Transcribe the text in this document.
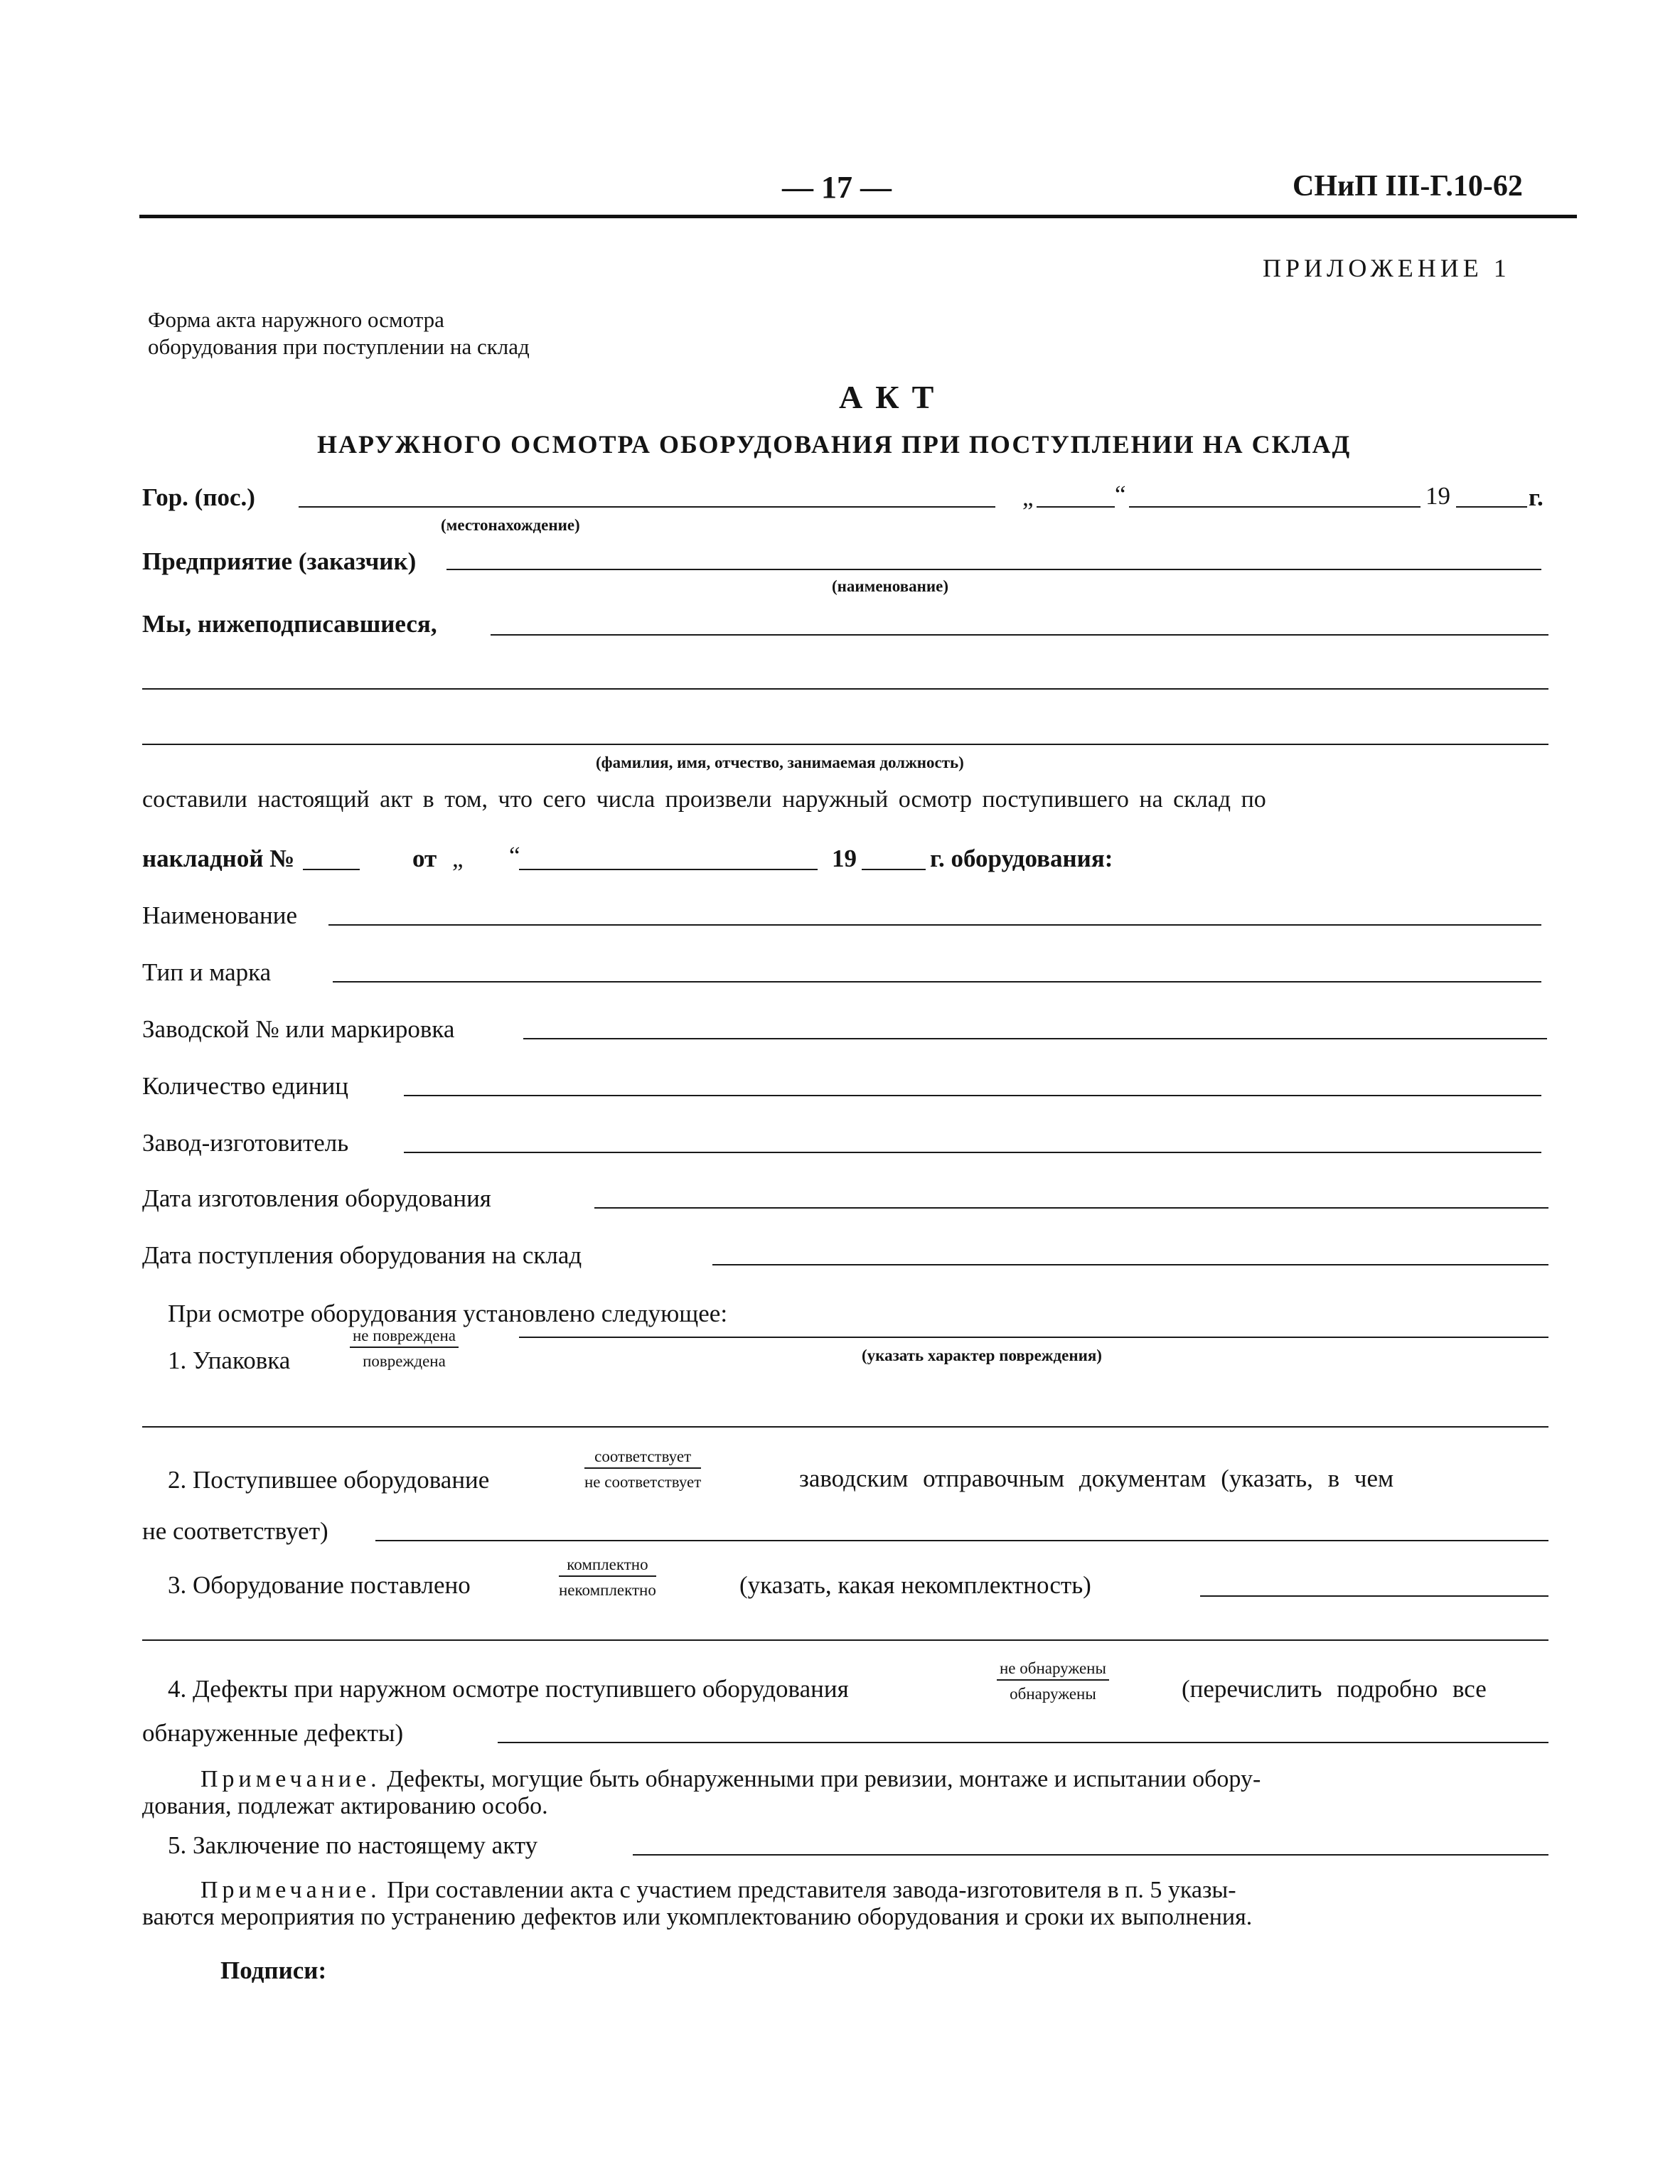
— 17 —	СНиП III-Г.10-62
ПРИЛОЖЕНИЕ 1
Форма акта наружного осмотра
оборудования при поступлении на склад
АКТ
НАРУЖНОГО ОСМОТРА ОБОРУДОВАНИЯ ПРИ ПОСТУПЛЕНИИ НА СКЛАД
Гор. (пос.)	„	“	19	г.
(местонахождение)
Предприятие (заказчик)
(наименование)
Мы, нижеподписавшиеся,
(фамилия, имя, отчество, занимаемая должность)
составили настоящий акт в том, что сего числа произвели наружный осмотр поступившего на склад по
накладной №	от „ “	19	г. оборудования:
Наименование
Тип и марка
Заводской № или маркировка
Количество единиц
Завод-изготовитель
Дата изготовления оборудования
Дата поступления оборудования на склад
При осмотре оборудования установлено следующее:
1. Упаковка
не повреждена
повреждена	(указать характер повреждения)
2. Поступившее оборудование
соответствует
не соответствует	заводским отправочным документам (указать, в чем
не соответствует)
3. Оборудование поставлено
комплектно
некомплектно	(указать, какая некомплектность)
4. Дефекты при наружном осмотре поступившего оборудования
не обнаружены
обнаружены	(перечислить подробно все
обнаруженные дефекты)
Примечание. Дефекты, могущие быть обнаруженными при ревизии, монтаже и испытании обору-
дования, подлежат актированию особо.
5. Заключение по настоящему акту
Примечание. При составлении акта с участием представителя завода-изготовителя в п. 5 указы-
ваются мероприятия по устранению дефектов или укомплектованию оборудования и сроки их выполнения.
Подписи:
